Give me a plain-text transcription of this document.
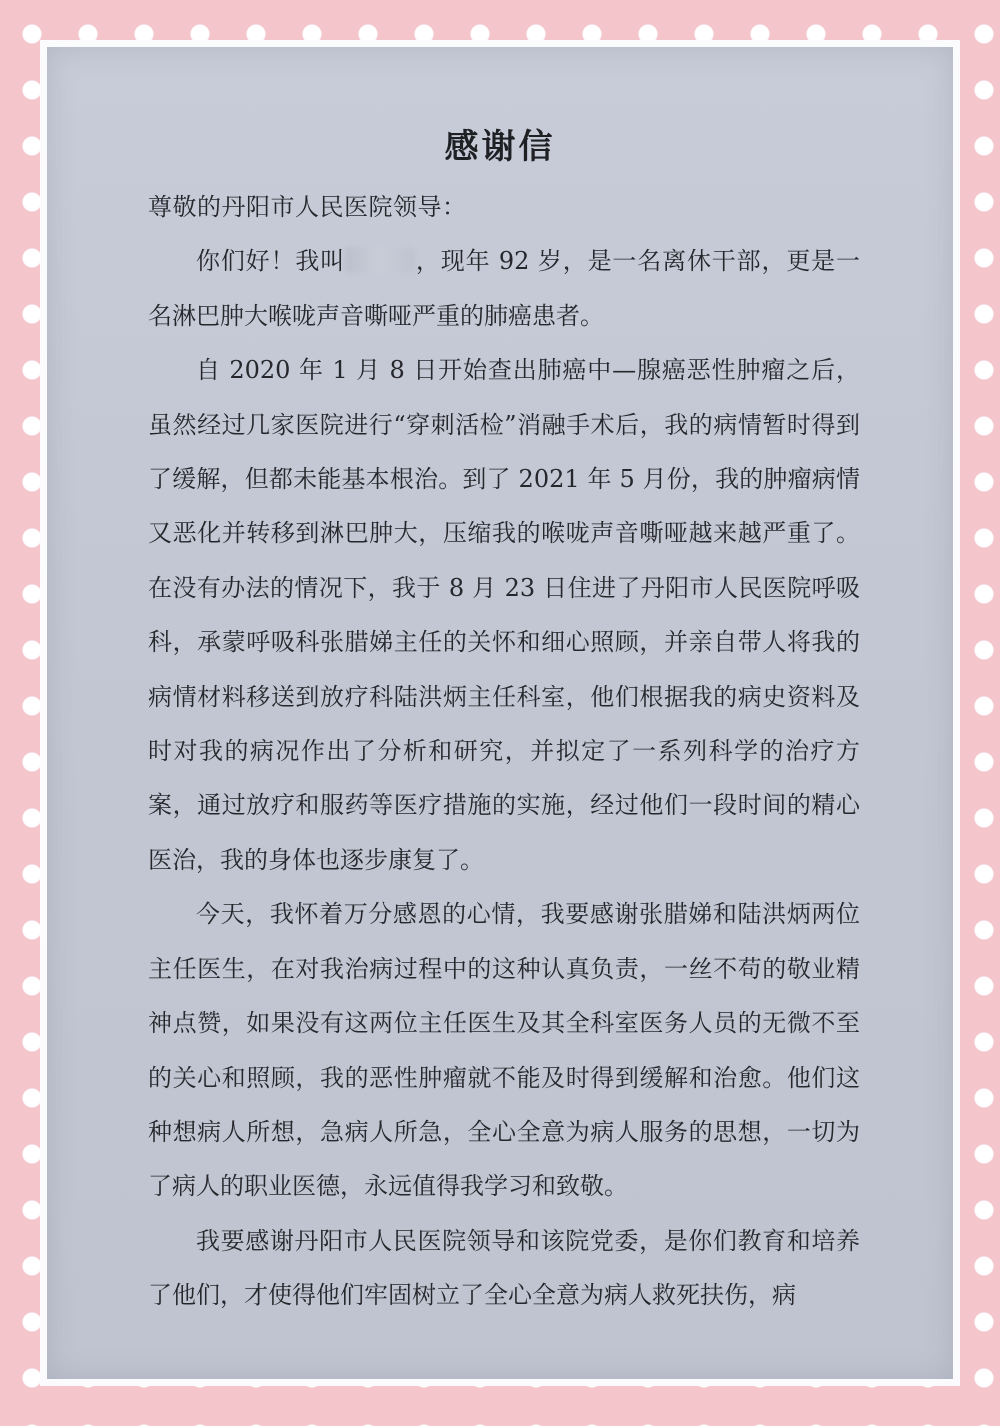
感谢信

尊敬的丹阳市人民医院领导：

你们好！我叫	，现年 92 岁，是一名离休干部，更是一名淋巴肿大喉咙声音嘶哑严重的肺癌患者。

自 2020 年 1 月 8 日开始查出肺癌中—腺癌恶性肿瘤之后，虽然经过几家医院进行“穿刺活检”消融手术后，我的病情暂时得到了缓解，但都未能基本根治。到了 2021 年 5 月份，我的肿瘤病情又恶化并转移到淋巴肿大，压缩我的喉咙声音嘶哑越来越严重了。在没有办法的情况下，我于 8 月 23 日住进了丹阳市人民医院呼吸科，承蒙呼吸科张腊娣主任的关怀和细心照顾，并亲自带人将我的病情材料移送到放疗科陆洪炳主任科室，他们根据我的病史资料及时对我的病况作出了分析和研究，并拟定了一系列科学的治疗方案，通过放疗和服药等医疗措施的实施，经过他们一段时间的精心医治，我的身体也逐步康复了。

今天，我怀着万分感恩的心情，我要感谢张腊娣和陆洪炳两位主任医生，在对我治病过程中的这种认真负责，一丝不苟的敬业精神点赞，如果没有这两位主任医生及其全科室医务人员的无微不至的关心和照顾，我的恶性肿瘤就不能及时得到缓解和治愈。他们这种想病人所想，急病人所急，全心全意为病人服务的思想，一切为了病人的职业医德，永远值得我学习和致敬。

我要感谢丹阳市人民医院领导和该院党委，是你们教育和培养了他们，才使得他们牢固树立了全心全意为病人救死扶伤，病
